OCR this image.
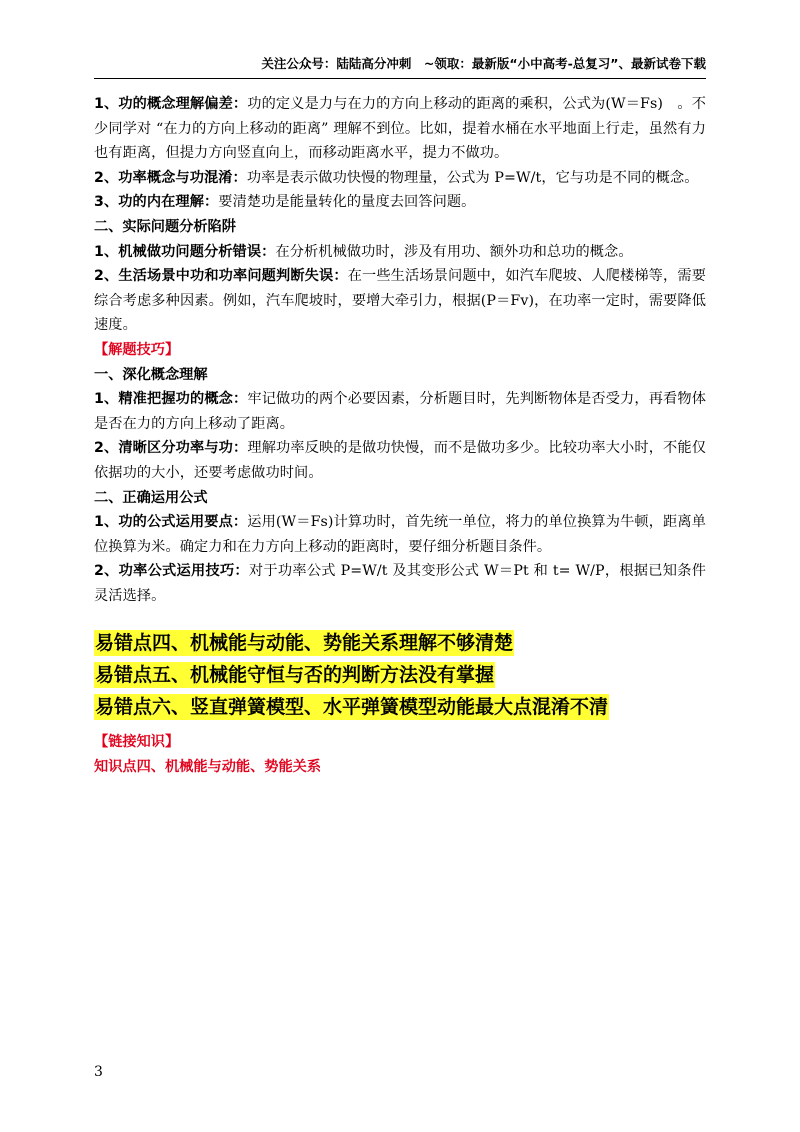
关注公众号：陆陆高分冲刺　~领取：最新版“小中高考-总复习”、最新试卷下载

1、功的概念理解偏差：功的定义是力与在力的方向上移动的距离的乘积，公式为(W＝Fs)　。不少同学对 “在力的方向上移动的距离” 理解不到位。比如，提着水桶在水平地面上行走，虽然有力也有距离，但提力方向竖直向上，而移动距离水平，提力不做功。

2、功率概念与功混淆：功率是表示做功快慢的物理量，公式为 P=W/t，它与功是不同的概念。

3、功的内在理解：要清楚功是能量转化的量度去回答问题。

二、实际问题分析陷阱

1、机械做功问题分析错误：在分析机械做功时，涉及有用功、额外功和总功的概念。

2、生活场景中功和功率问题判断失误：在一些生活场景问题中，如汽车爬坡、人爬楼梯等，需要综合考虑多种因素。例如，汽车爬坡时，要增大牵引力，根据(P＝Fv)，在功率一定时，需要降低速度。

【解题技巧】

一、深化概念理解

1、精准把握功的概念：牢记做功的两个必要因素，分析题目时，先判断物体是否受力，再看物体是否在力的方向上移动了距离。

2、清晰区分功率与功：理解功率反映的是做功快慢，而不是做功多少。比较功率大小时，不能仅依据功的大小，还要考虑做功时间。

二、正确运用公式

1、功的公式运用要点：运用(W＝Fs)计算功时，首先统一单位，将力的单位换算为牛顿，距离单位换算为米。确定力和在力方向上移动的距离时，要仔细分析题目条件。

2、功率公式运用技巧：对于功率公式 P=W/t 及其变形公式 W＝Pt 和 t= W/P，根据已知条件灵活选择。

易错点四、机械能与动能、势能关系理解不够清楚
易错点五、机械能守恒与否的判断方法没有掌握
易错点六、竖直弹簧模型、水平弹簧模型动能最大点混淆不清

【链接知识】

知识点四、机械能与动能、势能关系

3
